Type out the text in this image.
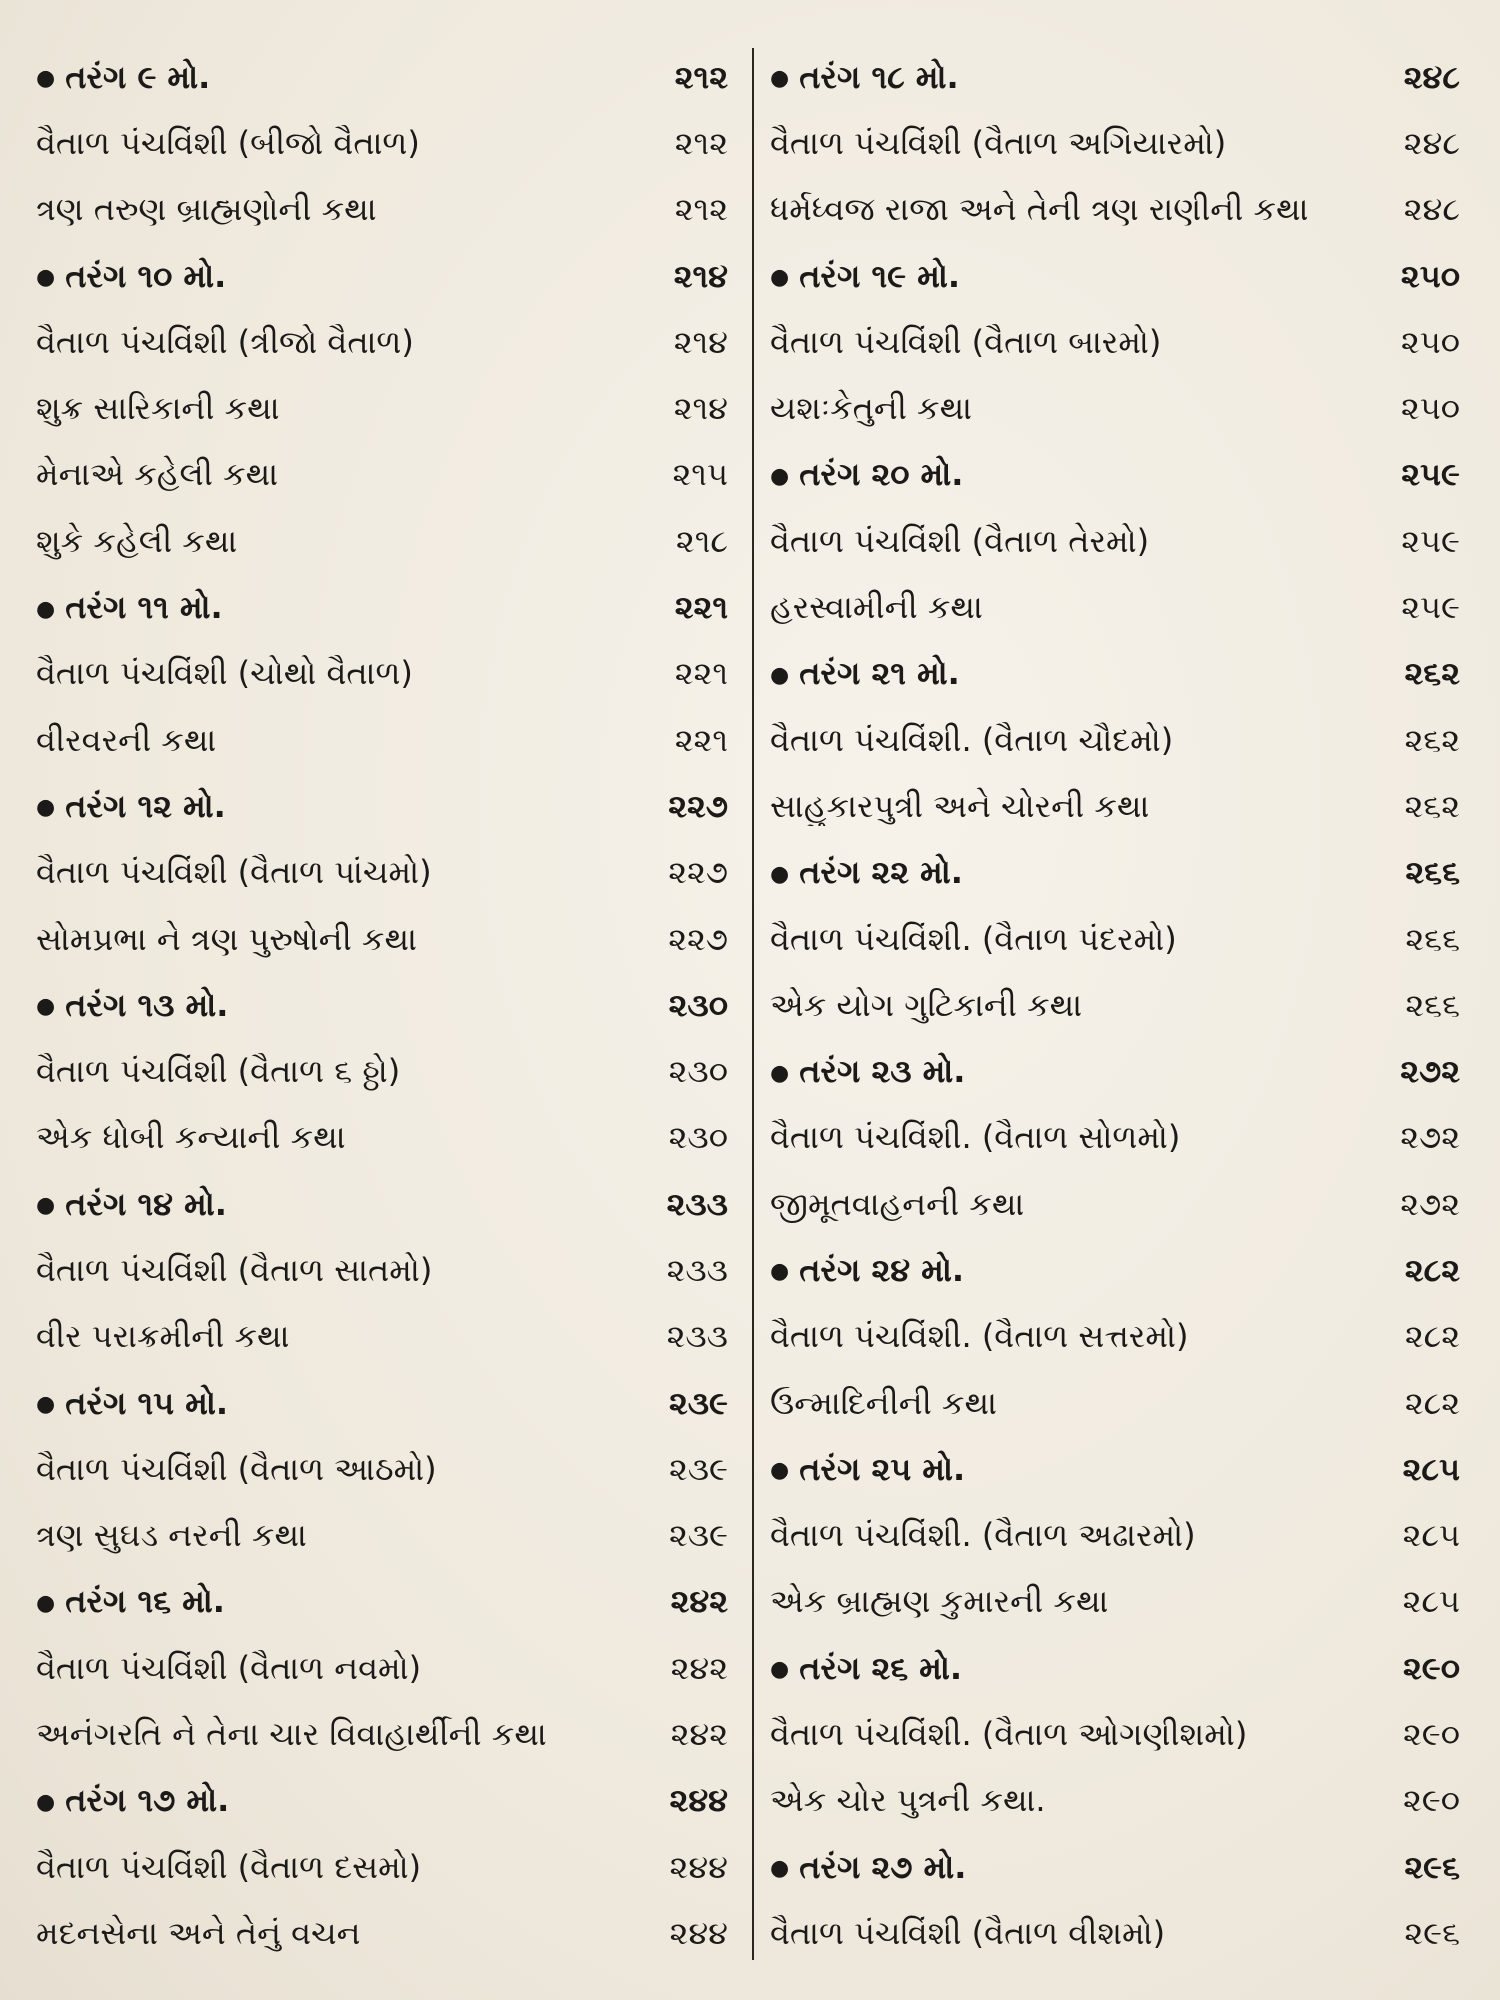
● તરંગ ૯ મો.	૨૧૨
વૈતાળ પંચવિંશી (બીજો વૈતાળ)	૨૧૨
ત્રણ તરુણ બ્રાહ્મણોની કથા	૨૧૨
● તરંગ ૧૦ મો.	૨૧૪
વૈતાળ પંચવિંશી (ત્રીજો વૈતાળ)	૨૧૪
શુક્ર સારિકાની કથા	૨૧૪
મેનાએ કહેલી કથા	૨૧૫
શુકે કહેલી કથા	૨૧૮
● તરંગ ૧૧ મો.	૨૨૧
વૈતાળ પંચવિંશી (ચોથો વૈતાળ)	૨૨૧
વીરવરની કથા	૨૨૧
● તરંગ ૧૨ મો.	૨૨૭
વૈતાળ પંચવિંશી (વૈતાળ પાંચમો)	૨૨૭
સોમપ્રભા ને ત્રણ પુરુષોની કથા	૨૨૭
● તરંગ ૧૩ મો.	૨૩૦
વૈતાળ પંચવિંશી (વૈતાળ ૬ ઠ્ઠો)	૨૩૦
એક ધોબી કન્યાની કથા	૨૩૦
● તરંગ ૧૪ મો.	૨૩૩
વૈતાળ પંચવિંશી (વૈતાળ સાતમો)	૨૩૩
વીર પરાક્રમીની કથા	૨૩૩
● તરંગ ૧૫ મો.	૨૩૯
વૈતાળ પંચવિંશી (વૈતાળ આઠમો)	૨૩૯
ત્રણ સુઘડ નરની કથા	૨૩૯
● તરંગ ૧૬ મો.	૨૪૨
વૈતાળ પંચવિંશી (વૈતાળ નવમો)	૨૪૨
અનંગરતિ ને તેના ચાર વિવાહાર્થીની કથા	૨૪૨
● તરંગ ૧૭ મો.	૨૪૪
વૈતાળ પંચવિંશી (વૈતાળ દસમો)	૨૪૪
મદનસેના અને તેનું વચન	૨૪૪
● તરંગ ૧૮ મો.	૨૪૮
વૈતાળ પંચવિંશી (વૈતાળ અગિયારમો)	૨૪૮
ધર્મધ્વજ રાજા અને તેની ત્રણ રાણીની કથા	૨૪૮
● તરંગ ૧૯ મો.	૨૫૦
વૈતાળ પંચવિંશી (વૈતાળ બારમો)	૨૫૦
યશઃકેતુની કથા	૨૫૦
● તરંગ ૨૦ મો.	૨૫૯
વૈતાળ પંચવિંશી (વૈતાળ તેરમો)	૨૫૯
હરસ્વામીની કથા	૨૫૯
● તરંગ ૨૧ મો.	૨૬૨
વૈતાળ પંચવિંશી. (વૈતાળ ચૌદમો)	૨૬૨
સાહુકારપુત્રી અને ચોરની કથા	૨૬૨
● તરંગ ૨૨ મો.	૨૬૬
વૈતાળ પંચવિંશી. (વૈતાળ પંદરમો)	૨૬૬
એક યોગ ગુટિકાની કથા	૨૬૬
● તરંગ ૨૩ મો.	૨૭૨
વૈતાળ પંચવિંશી. (વૈતાળ સોળમો)	૨૭૨
જીમૂતવાહનની કથા	૨૭૨
● તરંગ ૨૪ મો.	૨૮૨
વૈતાળ પંચવિંશી. (વૈતાળ સત્તરમો)	૨૮૨
ઉન્માદિનીની કથા	૨૮૨
● તરંગ ૨૫ મો.	૨૮૫
વૈતાળ પંચવિંશી. (વૈતાળ અઢારમો)	૨૮૫
એક બ્રાહ્મણ કુમારની કથા	૨૮૫
● તરંગ ૨૬ મો.	૨૯૦
વૈતાળ પંચવિંશી. (વૈતાળ ઓગણીશમો)	૨૯૦
એક ચોર પુત્રની કથા.	૨૯૦
● તરંગ ૨૭ મો.	૨૯૬
વૈતાળ પંચવિંશી (વૈતાળ વીશમો)	૨૯૬
